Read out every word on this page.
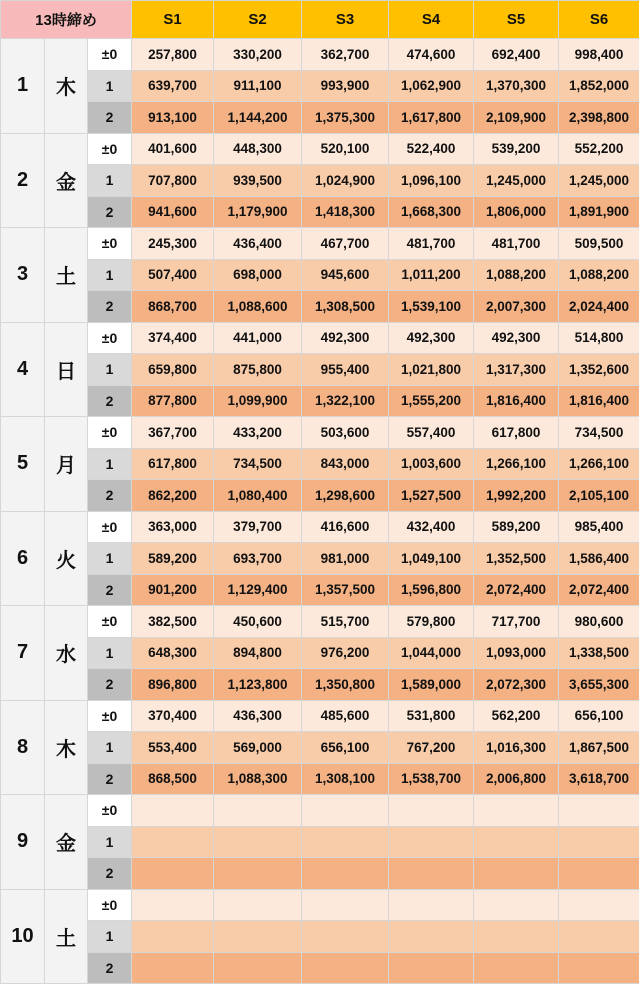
13時締め			S1	S2	S3	S4	S5	S6
1	木	±0	257,800	330,200	362,700	474,600	692,400	998,400
		1	639,700	911,100	993,900	1,062,900	1,370,300	1,852,000
		2	913,100	1,144,200	1,375,300	1,617,800	2,109,900	2,398,800
2	金	±0	401,600	448,300	520,100	522,400	539,200	552,200
		1	707,800	939,500	1,024,900	1,096,100	1,245,000	1,245,000
		2	941,600	1,179,900	1,418,300	1,668,300	1,806,000	1,891,900
3	土	±0	245,300	436,400	467,700	481,700	481,700	509,500
		1	507,400	698,000	945,600	1,011,200	1,088,200	1,088,200
		2	868,700	1,088,600	1,308,500	1,539,100	2,007,300	2,024,400
4	日	±0	374,400	441,000	492,300	492,300	492,300	514,800
		1	659,800	875,800	955,400	1,021,800	1,317,300	1,352,600
		2	877,800	1,099,900	1,322,100	1,555,200	1,816,400	1,816,400
5	月	±0	367,700	433,200	503,600	557,400	617,800	734,500
		1	617,800	734,500	843,000	1,003,600	1,266,100	1,266,100
		2	862,200	1,080,400	1,298,600	1,527,500	1,992,200	2,105,100
6	火	±0	363,000	379,700	416,600	432,400	589,200	985,400
		1	589,200	693,700	981,000	1,049,100	1,352,500	1,586,400
		2	901,200	1,129,400	1,357,500	1,596,800	2,072,400	2,072,400
7	水	±0	382,500	450,600	515,700	579,800	717,700	980,600
		1	648,300	894,800	976,200	1,044,000	1,093,000	1,338,500
		2	896,800	1,123,800	1,350,800	1,589,000	2,072,300	3,655,300
8	木	±0	370,400	436,300	485,600	531,800	562,200	656,100
		1	553,400	569,000	656,100	767,200	1,016,300	1,867,500
		2	868,500	1,088,300	1,308,100	1,538,700	2,006,800	3,618,700
9	金	±0						
		1						
		2						
10	土	±0						
		1						
		2						
